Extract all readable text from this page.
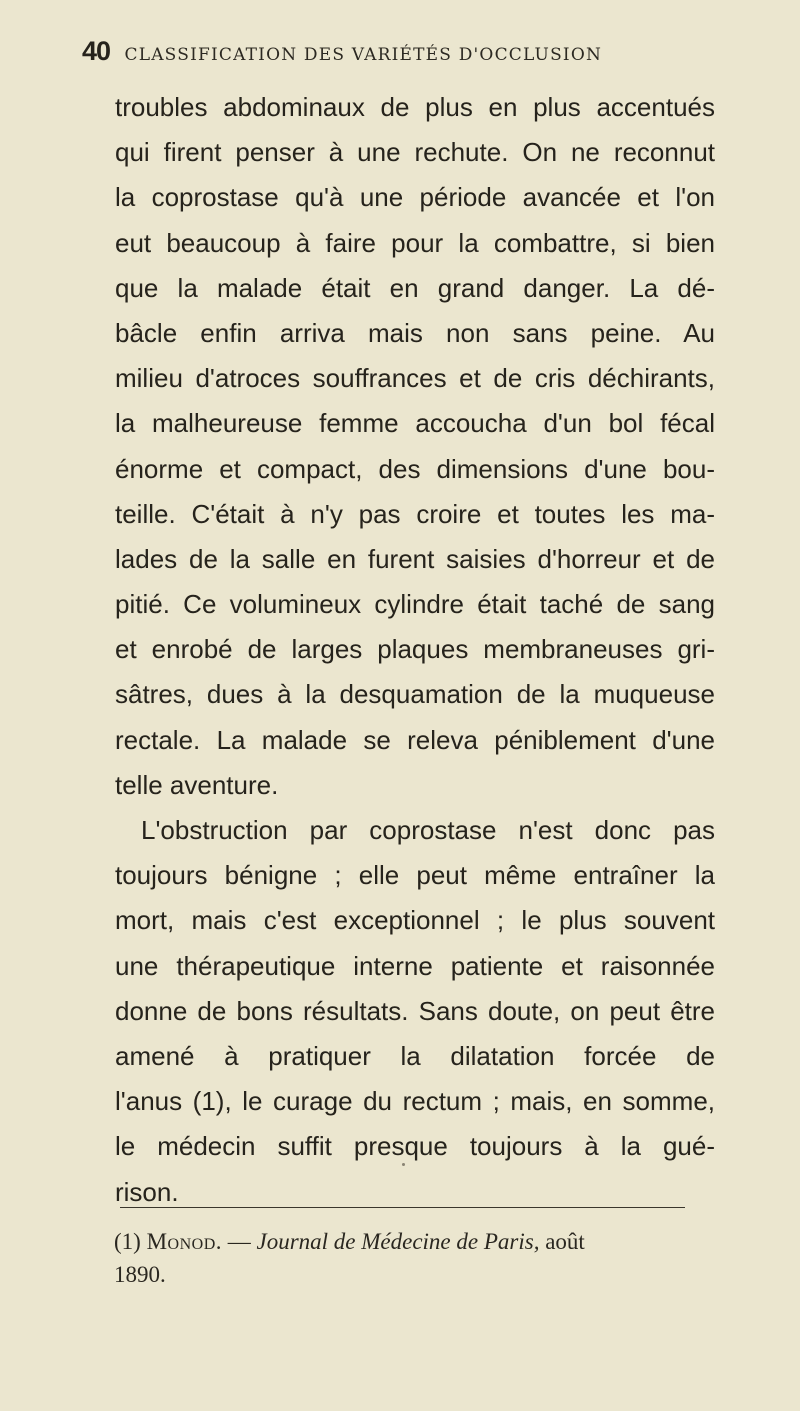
40 CLASSIFICATION DES VARIÉTÉS D'OCCLUSION
troubles abdominaux de plus en plus accentués
qui firent penser à une rechute. On ne reconnut
la coprostase qu'à une période avancée et l'on
eut beaucoup à faire pour la combattre, si bien
que la malade était en grand danger. La dé-
bâcle enfin arriva mais non sans peine. Au
milieu d'atroces souffrances et de cris déchirants,
la malheureuse femme accoucha d'un bol fécal
énorme et compact, des dimensions d'une bou-
teille. C'était à n'y pas croire et toutes les ma-
lades de la salle en furent saisies d'horreur et de
pitié. Ce volumineux cylindre était taché de sang
et enrobé de larges plaques membraneuses gri-
sâtres, dues à la desquamation de la muqueuse
rectale. La malade se releva péniblement d'une
telle aventure.
L'obstruction par coprostase n'est donc pas
toujours bénigne ; elle peut même entraîner la
mort, mais c'est exceptionnel ; le plus souvent
une thérapeutique interne patiente et raisonnée
donne de bons résultats. Sans doute, on peut être
amené à pratiquer la dilatation forcée de
l'anus (1), le curage du rectum ; mais, en somme,
le médecin suffit presque toujours à la gué-
rison.
(1) Monod. — Journal de Médecine de Paris, août
1890.
